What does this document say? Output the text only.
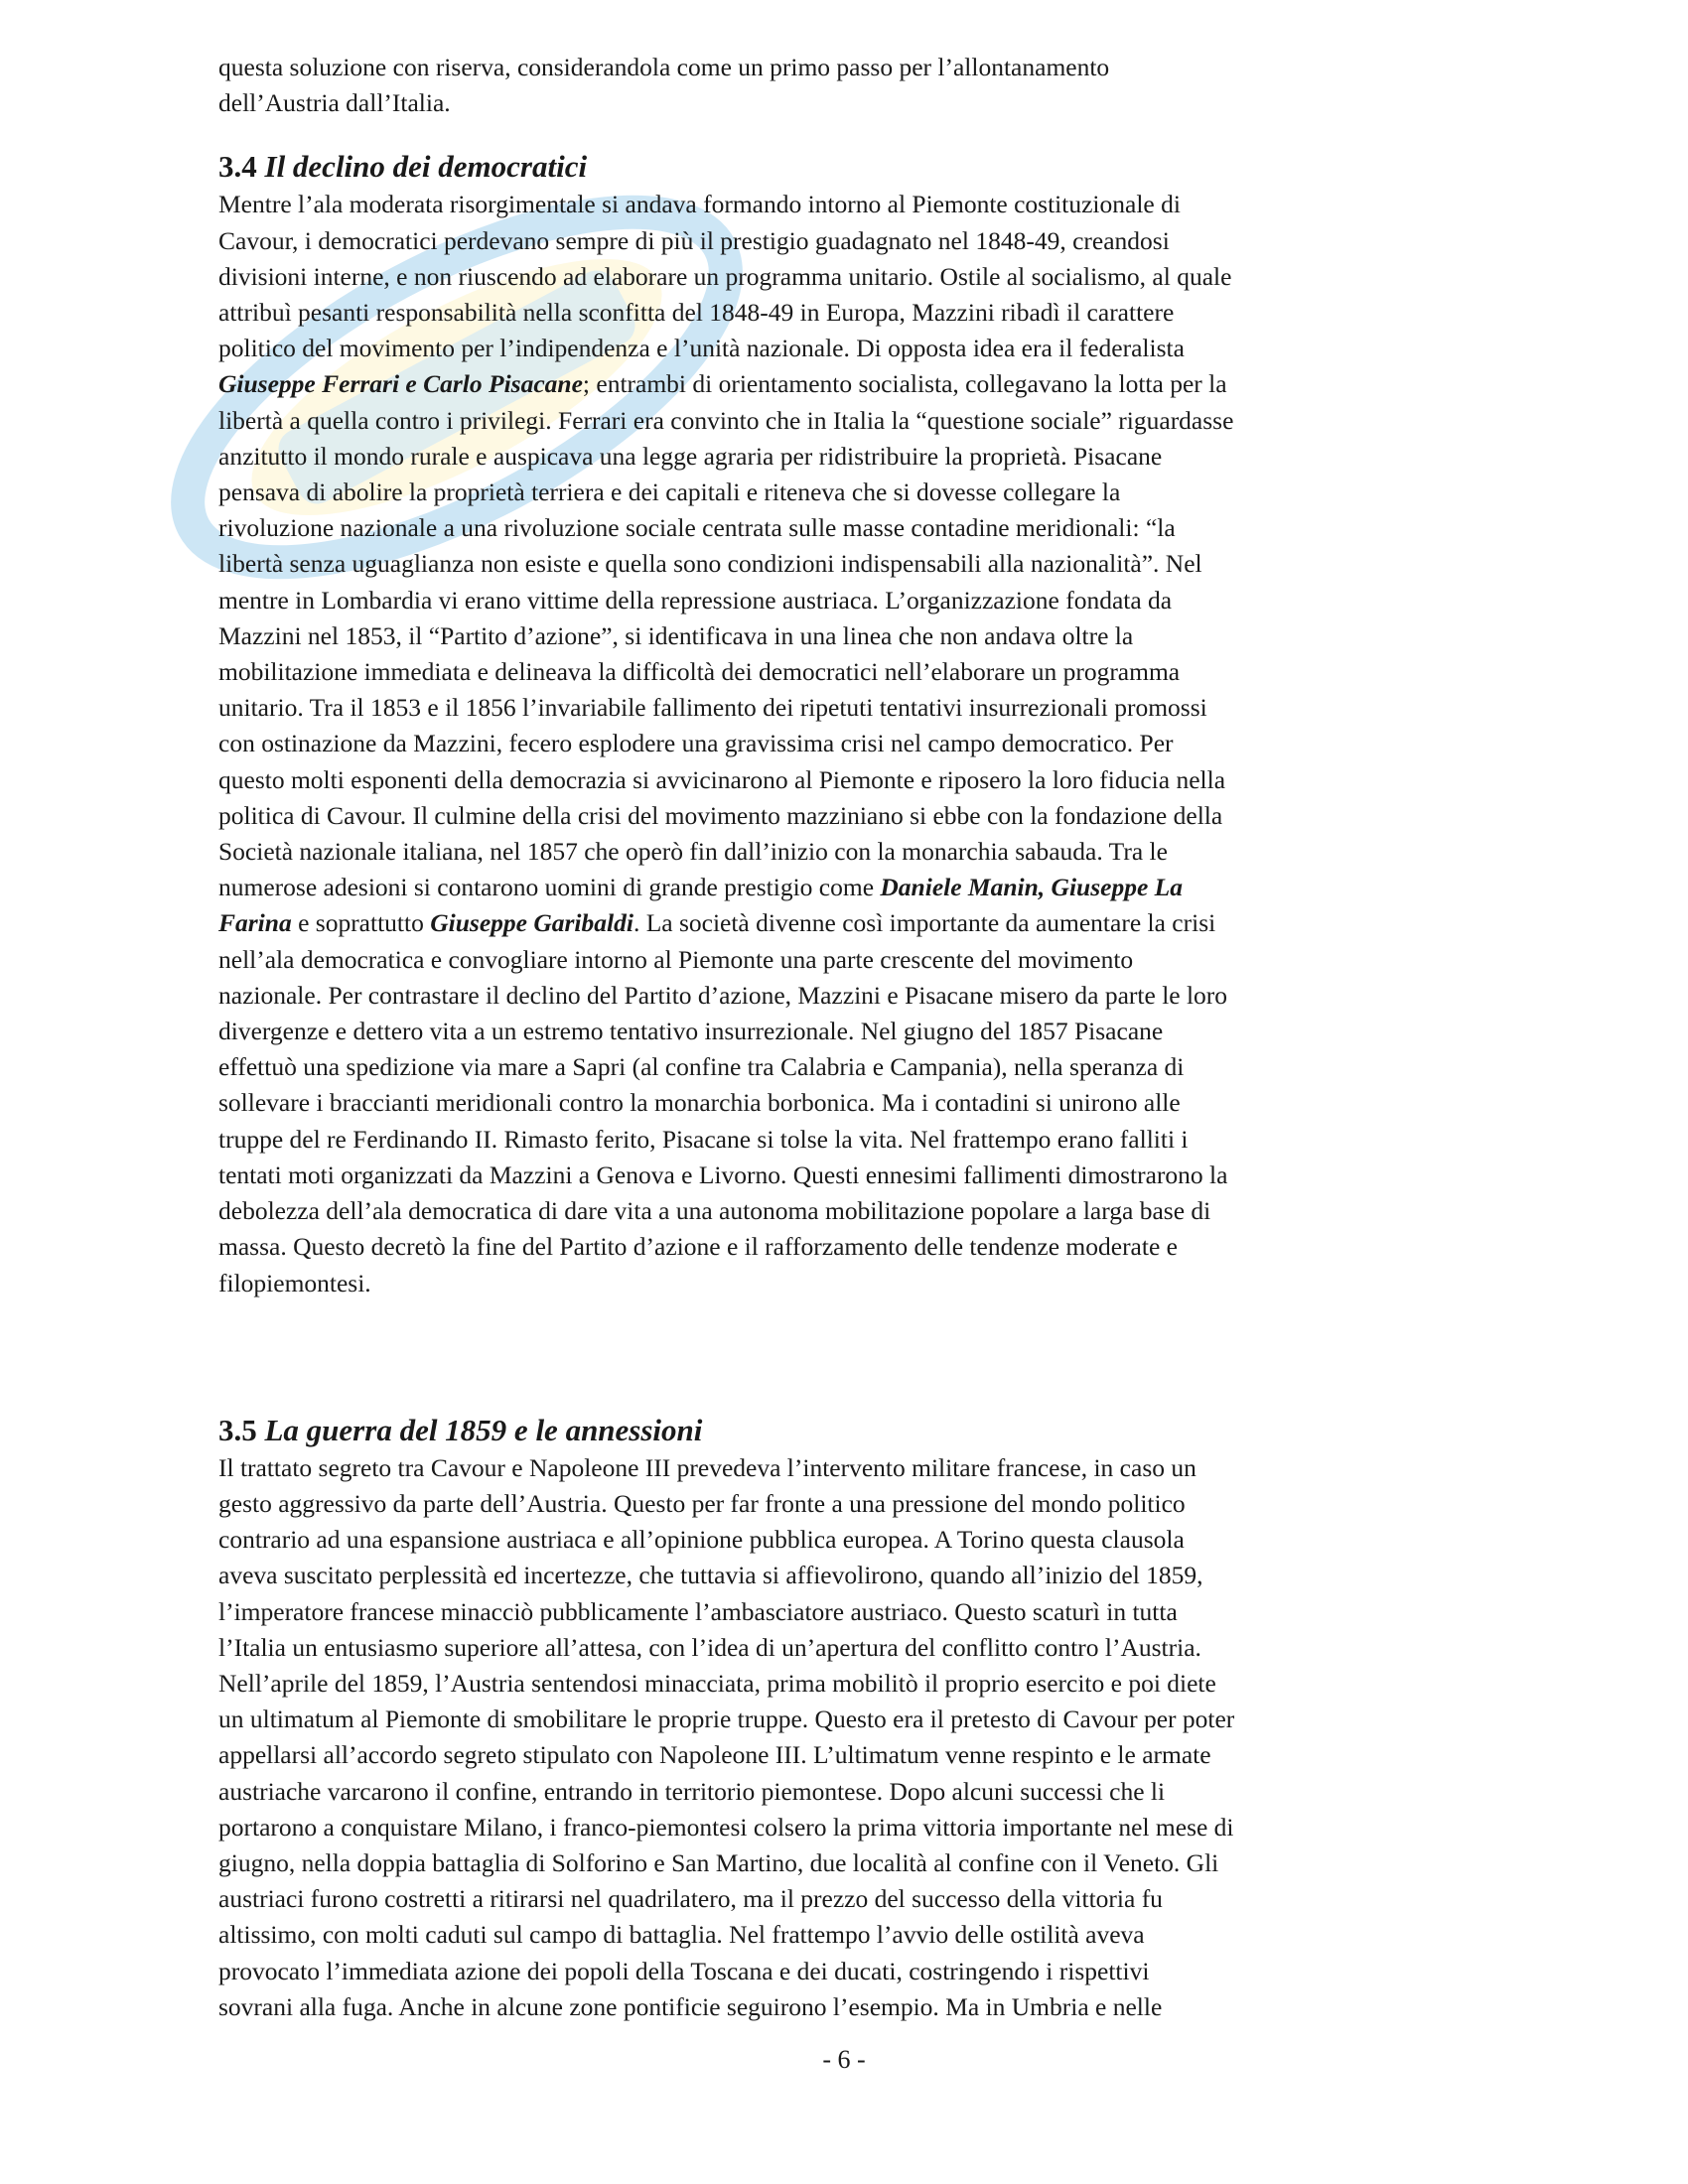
questa soluzione con riserva, considerandola come un primo passo per l’allontanamento
dell’Austria dall’Italia.
3.4 Il declino dei democratici
Mentre l’ala moderata risorgimentale si andava formando intorno al Piemonte costituzionale di
Cavour, i democratici perdevano sempre di più il prestigio guadagnato nel 1848-49, creandosi
divisioni interne, e non riuscendo ad elaborare un programma unitario. Ostile al socialismo, al quale
attribuì pesanti responsabilità nella sconfitta del 1848-49 in Europa, Mazzini ribadì il carattere
politico del movimento per l’indipendenza e l’unità nazionale. Di opposta idea era il federalista
Giuseppe Ferrari e Carlo Pisacane; entrambi di orientamento socialista, collegavano la lotta per la
libertà a quella contro i privilegi. Ferrari era convinto che in Italia la “questione sociale” riguardasse
anzitutto il mondo rurale e auspicava una legge agraria per ridistribuire la proprietà. Pisacane
pensava di abolire la proprietà terriera e dei capitali e riteneva che si dovesse collegare la
rivoluzione nazionale a una rivoluzione sociale centrata sulle masse contadine meridionali: “la
libertà senza uguaglianza non esiste e quella sono condizioni indispensabili alla nazionalità”. Nel
mentre in Lombardia vi erano vittime della repressione austriaca. L’organizzazione fondata da
Mazzini nel 1853, il “Partito d’azione”, si identificava in una linea che non andava oltre la
mobilitazione immediata e delineava la difficoltà dei democratici nell’elaborare un programma
unitario. Tra il 1853 e il 1856 l’invariabile fallimento dei ripetuti tentativi insurrezionali promossi
con ostinazione da Mazzini, fecero esplodere una gravissima crisi nel campo democratico. Per
questo molti esponenti della democrazia si avvicinarono al Piemonte e riposero la loro fiducia nella
politica di Cavour. Il culmine della crisi del movimento mazziniano si ebbe con la fondazione della
Società nazionale italiana, nel 1857 che operò fin dall’inizio con la monarchia sabauda. Tra le
numerose adesioni si contarono uomini di grande prestigio come Daniele Manin, Giuseppe La
Farina e soprattutto Giuseppe Garibaldi. La società divenne così importante da aumentare la crisi
nell’ala democratica e convogliare intorno al Piemonte una parte crescente del movimento
nazionale. Per contrastare il declino del Partito d’azione, Mazzini e Pisacane misero da parte le loro
divergenze e dettero vita a un estremo tentativo insurrezionale. Nel giugno del 1857 Pisacane
effettuò una spedizione via mare a Sapri (al confine tra Calabria e Campania), nella speranza di
sollevare i braccianti meridionali contro la monarchia borbonica. Ma i contadini si unirono alle
truppe del re Ferdinando II. Rimasto ferito, Pisacane si tolse la vita. Nel frattempo erano falliti i
tentati moti organizzati da Mazzini a Genova e Livorno. Questi ennesimi fallimenti dimostrarono la
debolezza dell’ala democratica di dare vita a una autonoma mobilitazione popolare a larga base di
massa. Questo decretò la fine del Partito d’azione e il rafforzamento delle tendenze moderate e
filopiemontesi.
3.5 La guerra del 1859 e le annessioni
Il trattato segreto tra Cavour e Napoleone III prevedeva l’intervento militare francese, in caso un
gesto aggressivo da parte dell’Austria. Questo per far fronte a una pressione del mondo politico
contrario ad una espansione austriaca e all’opinione pubblica europea. A Torino questa clausola
aveva suscitato perplessità ed incertezze, che tuttavia si affievolirono, quando all’inizio del 1859,
l’imperatore francese minacciò pubblicamente l’ambasciatore austriaco. Questo scaturì in tutta
l’Italia un entusiasmo superiore all’attesa, con l’idea di un’apertura del conflitto contro l’Austria.
Nell’aprile del 1859, l’Austria sentendosi minacciata, prima mobilitò il proprio esercito e poi diete
un ultimatum al Piemonte di smobilitare le proprie truppe. Questo era il pretesto di Cavour per poter
appellarsi all’accordo segreto stipulato con Napoleone III. L’ultimatum venne respinto e le armate
austriache varcarono il confine, entrando in territorio piemontese. Dopo alcuni successi che li
portarono a conquistare Milano, i franco-piemontesi colsero la prima vittoria importante nel mese di
giugno, nella doppia battaglia di Solforino e San Martino, due località al confine con il Veneto. Gli
austriaci furono costretti a ritirarsi nel quadrilatero, ma il prezzo del successo della vittoria fu
altissimo, con molti caduti sul campo di battaglia. Nel frattempo l’avvio delle ostilità aveva
provocato l’immediata azione dei popoli della Toscana e dei ducati, costringendo i rispettivi
sovrani alla fuga. Anche in alcune zone pontificie seguirono l’esempio. Ma in Umbria e nelle
- 6 -
